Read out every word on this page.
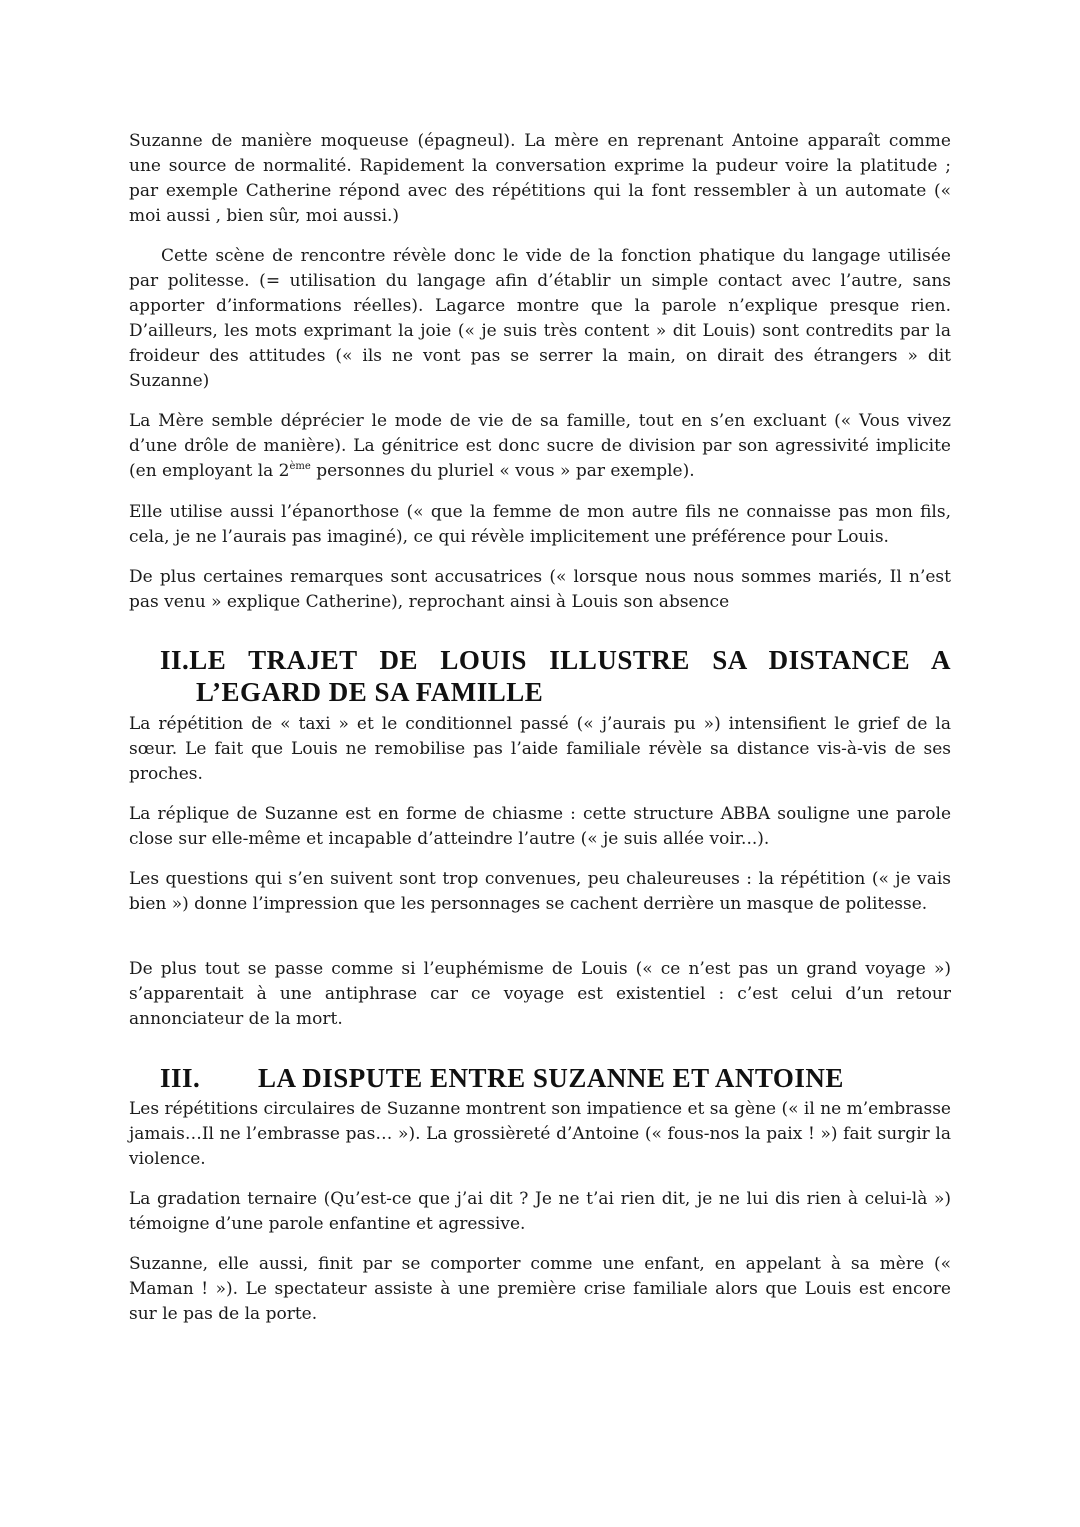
Suzanne de manière moqueuse (épagneul). La mère en reprenant Antoine apparaît comme une source de normalité. Rapidement la conversation exprime la pudeur voire la platitude ; par exemple Catherine répond avec des répétitions qui la font ressembler à un automate (« moi aussi , bien sûr, moi aussi.)

Cette scène de rencontre révèle donc le vide de la fonction phatique du langage utilisée par politesse. (= utilisation du langage afin d’établir un simple contact avec l’autre, sans apporter d’informations réelles). Lagarce montre que la parole n’explique presque rien. D’ailleurs, les mots exprimant la joie (« je suis très content » dit Louis) sont contredits par la froideur des attitudes (« ils ne vont pas se serrer la main, on dirait des étrangers » dit Suzanne)

La Mère semble déprécier le mode de vie de sa famille, tout en s’en excluant (« Vous vivez d’une drôle de manière). La génitrice est donc sucre de division par son agressivité implicite (en employant la 2ème personnes du pluriel « vous » par exemple).

Elle utilise aussi l’épanorthose (« que la femme de mon autre fils ne connaisse pas mon fils, cela, je ne l’aurais pas imaginé), ce qui révèle implicitement une préférence pour Louis.

De plus certaines remarques sont accusatrices (« lorsque nous nous sommes mariés, Il n’est pas venu » explique Catherine), reprochant ainsi à Louis son absence

II.LE TRAJET DE LOUIS ILLUSTRE SA DISTANCE A
L’EGARD DE SA FAMILLE

La répétition de « taxi » et le conditionnel passé (« j’aurais pu ») intensifient le grief de la sœur. Le fait que Louis ne remobilise pas l’aide familiale révèle sa distance vis-à-vis de ses proches.

La réplique de Suzanne est en forme de chiasme : cette structure ABBA souligne une parole close sur elle-même et incapable d’atteindre l’autre (« je suis allée voir...).

Les questions qui s’en suivent sont trop convenues, peu chaleureuses : la répétition (« je vais bien ») donne l’impression que les personnages se cachent derrière un masque de politesse.

De plus tout se passe comme si l’euphémisme de Louis (« ce n’est pas un grand voyage ») s’apparentait à une antiphrase car ce voyage est existentiel : c’est celui d’un retour annonciateur de la mort.

III. LA DISPUTE ENTRE SUZANNE ET ANTOINE

Les répétitions circulaires de Suzanne montrent son impatience et sa gène (« il ne m’embrasse jamais…Il ne l’embrasse pas… »). La grossièreté d’Antoine (« fous-nos la paix ! ») fait surgir la violence.

La gradation ternaire (Qu’est-ce que j’ai dit ? Je ne t’ai rien dit, je ne lui dis rien à celui-là ») témoigne d’une parole enfantine et agressive.

Suzanne, elle aussi, finit par se comporter comme une enfant, en appelant à sa mère (« Maman ! »). Le spectateur assiste à une première crise familiale alors que Louis est encore sur le pas de la porte.
